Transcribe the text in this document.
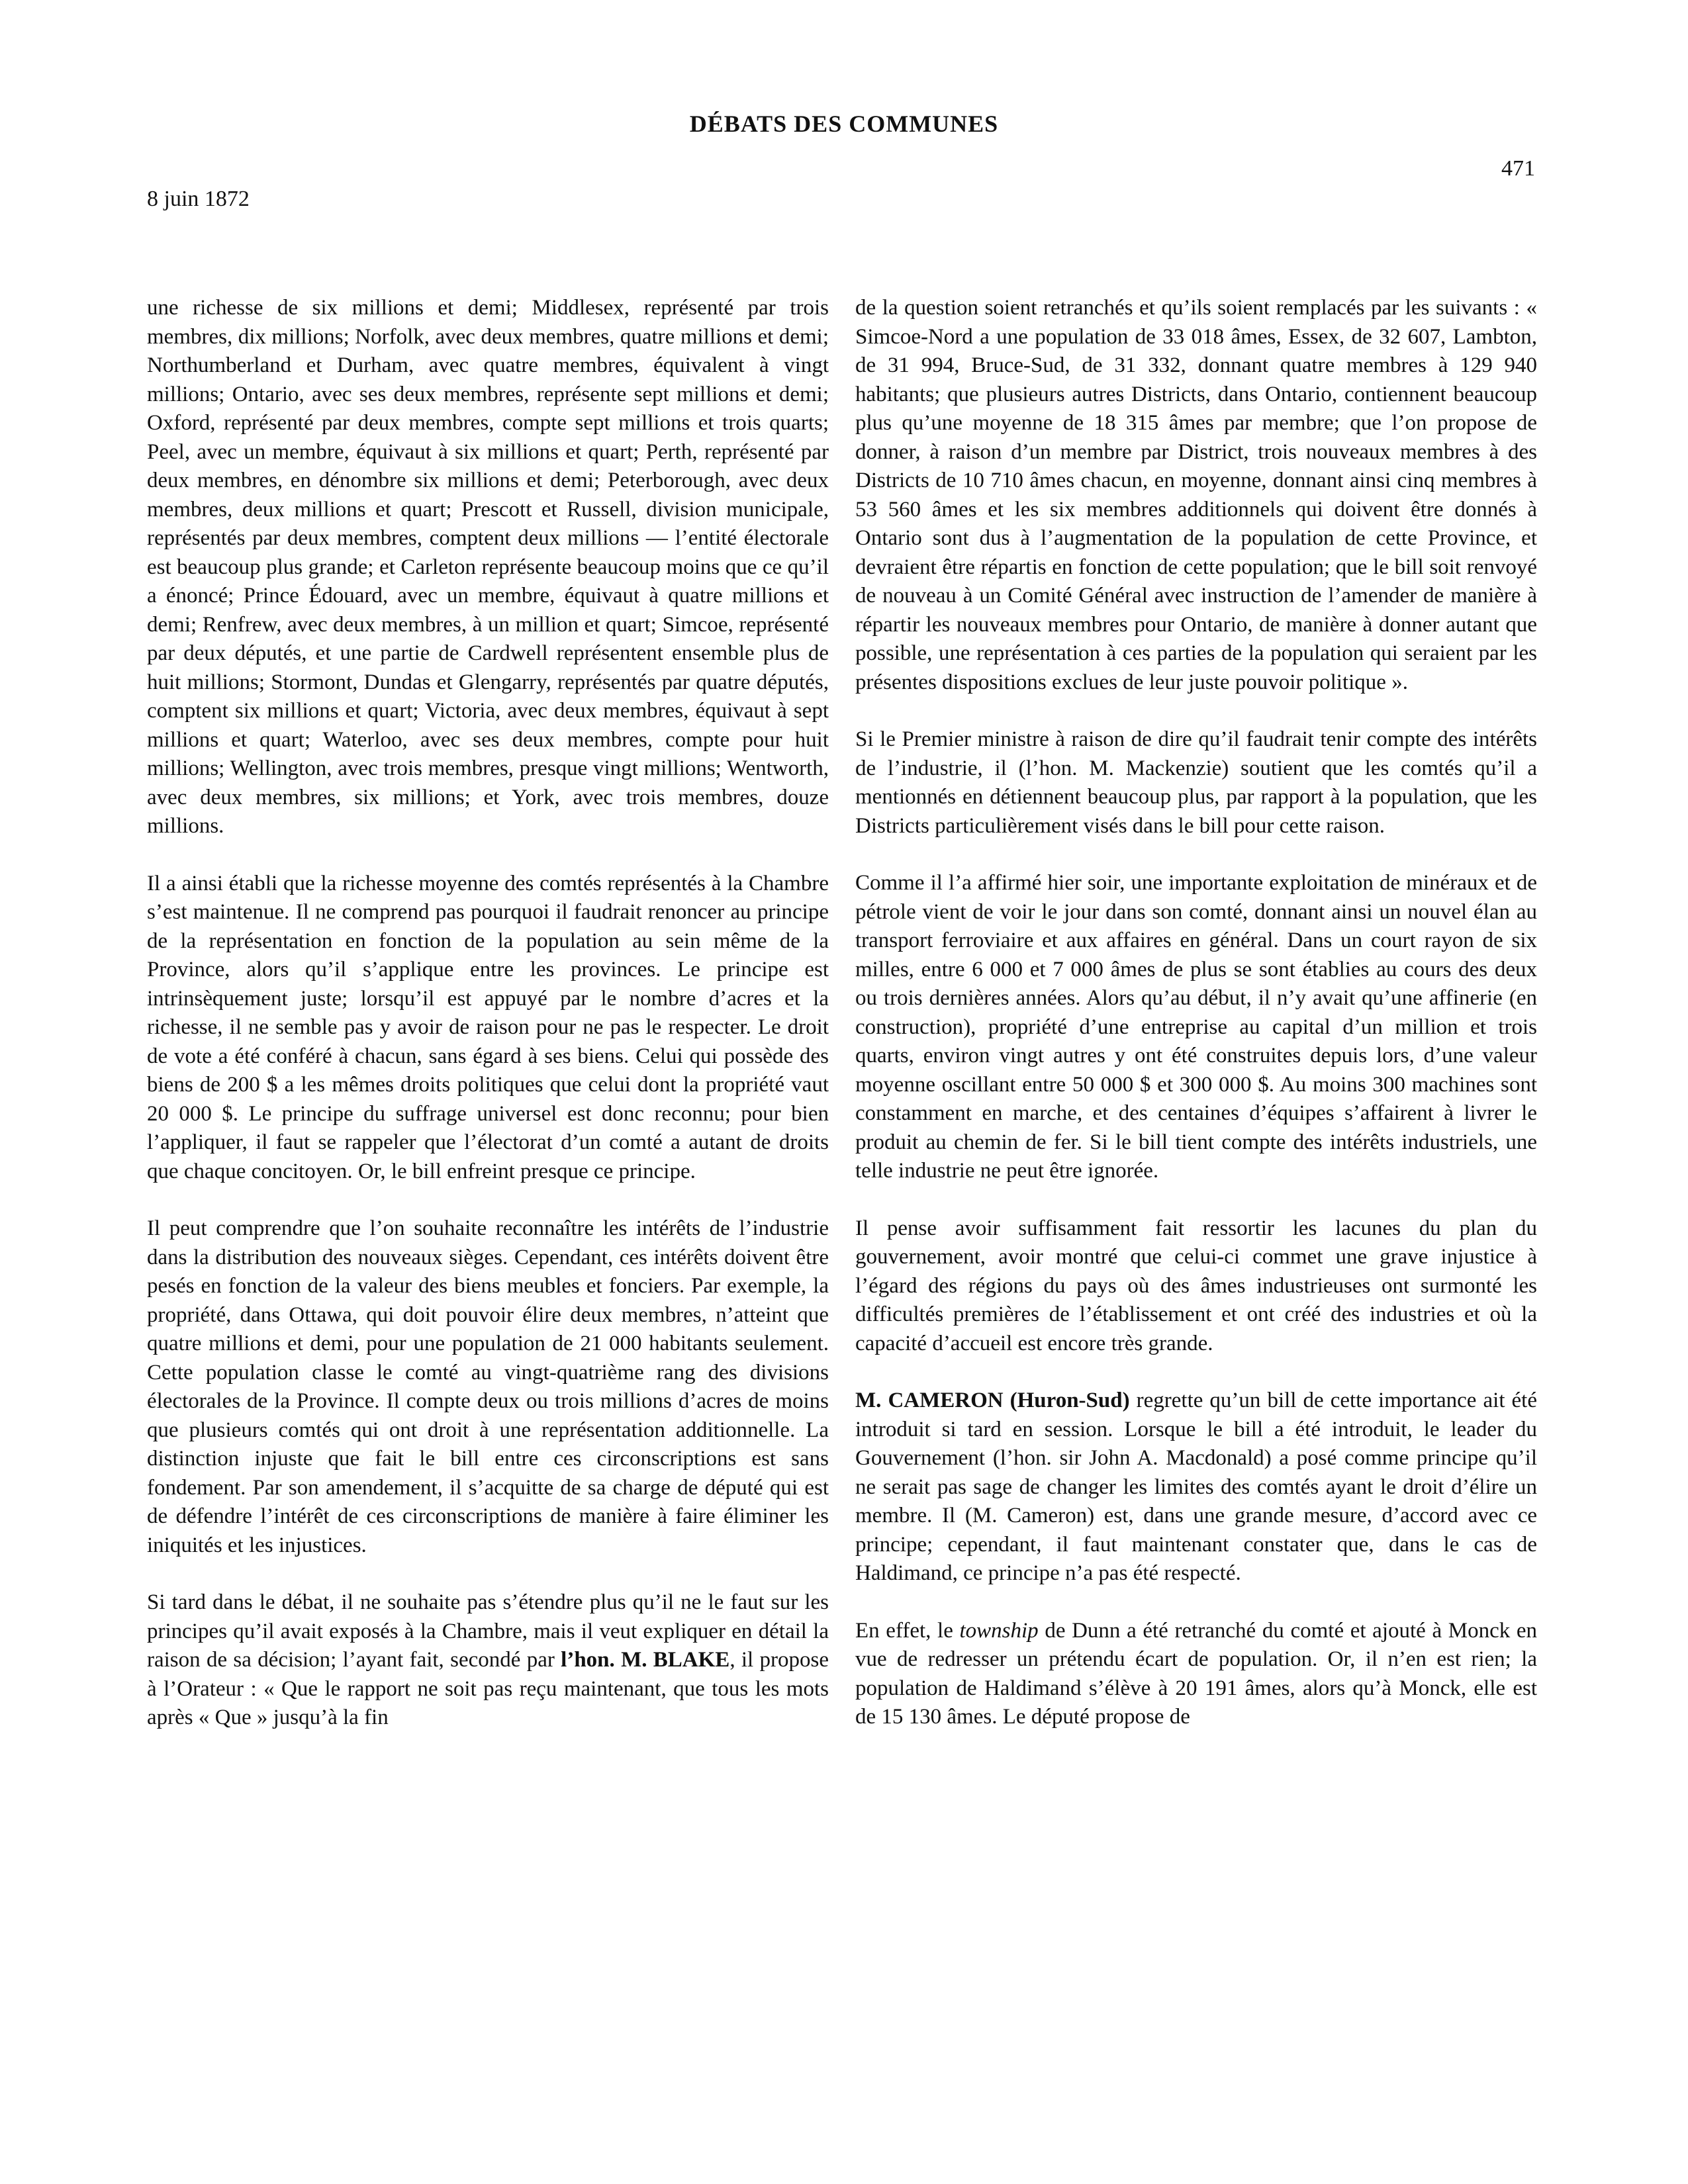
DÉBATS DES COMMUNES

471

8 juin 1872

une richesse de six millions et demi; Middlesex, représenté par trois membres, dix millions; Norfolk, avec deux membres, quatre millions et demi; Northumberland et Durham, avec quatre membres, équivalent à vingt millions; Ontario, avec ses deux membres, représente sept millions et demi; Oxford, représenté par deux membres, compte sept millions et trois quarts; Peel, avec un membre, équivaut à six millions et quart; Perth, représenté par deux membres, en dénombre six millions et demi; Peterborough, avec deux membres, deux millions et quart; Prescott et Russell, division municipale, représentés par deux membres, comptent deux millions — l’entité électorale est beaucoup plus grande; et Carleton représente beaucoup moins que ce qu’il a énoncé; Prince Édouard, avec un membre, équivaut à quatre millions et demi; Renfrew, avec deux membres, à un million et quart; Simcoe, représenté par deux députés, et une partie de Cardwell représentent ensemble plus de huit millions; Stormont, Dundas et Glengarry, représentés par quatre députés, comptent six millions et quart; Victoria, avec deux membres, équivaut à sept millions et quart; Waterloo, avec ses deux membres, compte pour huit millions; Wellington, avec trois membres, presque vingt millions; Wentworth, avec deux membres, six millions; et York, avec trois membres, douze millions.

Il a ainsi établi que la richesse moyenne des comtés représentés à la Chambre s’est maintenue. Il ne comprend pas pourquoi il faudrait renoncer au principe de la représentation en fonction de la population au sein même de la Province, alors qu’il s’applique entre les provinces. Le principe est intrinsèquement juste; lorsqu’il est appuyé par le nombre d’acres et la richesse, il ne semble pas y avoir de raison pour ne pas le respecter. Le droit de vote a été conféré à chacun, sans égard à ses biens. Celui qui possède des biens de 200 $ a les mêmes droits politiques que celui dont la propriété vaut 20 000 $. Le principe du suffrage universel est donc reconnu; pour bien l’appliquer, il faut se rappeler que l’électorat d’un comté a autant de droits que chaque concitoyen. Or, le bill enfreint presque ce principe.

Il peut comprendre que l’on souhaite reconnaître les intérêts de l’industrie dans la distribution des nouveaux sièges. Cependant, ces intérêts doivent être pesés en fonction de la valeur des biens meubles et fonciers. Par exemple, la propriété, dans Ottawa, qui doit pouvoir élire deux membres, n’atteint que quatre millions et demi, pour une population de 21 000 habitants seulement. Cette population classe le comté au vingt-quatrième rang des divisions électorales de la Province. Il compte deux ou trois millions d’acres de moins que plusieurs comtés qui ont droit à une représentation additionnelle. La distinction injuste que fait le bill entre ces circonscriptions est sans fondement. Par son amendement, il s’acquitte de sa charge de député qui est de défendre l’intérêt de ces circonscriptions de manière à faire éliminer les iniquités et les injustices.

Si tard dans le débat, il ne souhaite pas s’étendre plus qu’il ne le faut sur les principes qu’il avait exposés à la Chambre, mais il veut expliquer en détail la raison de sa décision; l’ayant fait, secondé par l’hon. M. BLAKE, il propose à l’Orateur : « Que le rapport ne soit pas reçu maintenant, que tous les mots après « Que » jusqu’à la fin

de la question soient retranchés et qu’ils soient remplacés par les suivants : « Simcoe-Nord a une population de 33 018 âmes, Essex, de 32 607, Lambton, de 31 994, Bruce-Sud, de 31 332, donnant quatre membres à 129 940 habitants; que plusieurs autres Districts, dans Ontario, contiennent beaucoup plus qu’une moyenne de 18 315 âmes par membre; que l’on propose de donner, à raison d’un membre par District, trois nouveaux membres à des Districts de 10 710 âmes chacun, en moyenne, donnant ainsi cinq membres à 53 560 âmes et les six membres additionnels qui doivent être donnés à Ontario sont dus à l’augmentation de la population de cette Province, et devraient être répartis en fonction de cette population; que le bill soit renvoyé de nouveau à un Comité Général avec instruction de l’amender de manière à répartir les nouveaux membres pour Ontario, de manière à donner autant que possible, une représentation à ces parties de la population qui seraient par les présentes dispositions exclues de leur juste pouvoir politique ».

Si le Premier ministre à raison de dire qu’il faudrait tenir compte des intérêts de l’industrie, il (l’hon. M. Mackenzie) soutient que les comtés qu’il a mentionnés en détiennent beaucoup plus, par rapport à la population, que les Districts particulièrement visés dans le bill pour cette raison.

Comme il l’a affirmé hier soir, une importante exploitation de minéraux et de pétrole vient de voir le jour dans son comté, donnant ainsi un nouvel élan au transport ferroviaire et aux affaires en général. Dans un court rayon de six milles, entre 6 000 et 7 000 âmes de plus se sont établies au cours des deux ou trois dernières années. Alors qu’au début, il n’y avait qu’une affinerie (en construction), propriété d’une entreprise au capital d’un million et trois quarts, environ vingt autres y ont été construites depuis lors, d’une valeur moyenne oscillant entre 50 000 $ et 300 000 $. Au moins 300 machines sont constamment en marche, et des centaines d’équipes s’affairent à livrer le produit au chemin de fer. Si le bill tient compte des intérêts industriels, une telle industrie ne peut être ignorée.

Il pense avoir suffisamment fait ressortir les lacunes du plan du gouvernement, avoir montré que celui-ci commet une grave injustice à l’égard des régions du pays où des âmes industrieuses ont surmonté les difficultés premières de l’établissement et ont créé des industries et où la capacité d’accueil est encore très grande.

M. CAMERON (Huron-Sud) regrette qu’un bill de cette importance ait été introduit si tard en session. Lorsque le bill a été introduit, le leader du Gouvernement (l’hon. sir John A. Macdonald) a posé comme principe qu’il ne serait pas sage de changer les limites des comtés ayant le droit d’élire un membre. Il (M. Cameron) est, dans une grande mesure, d’accord avec ce principe; cependant, il faut maintenant constater que, dans le cas de Haldimand, ce principe n’a pas été respecté.

En effet, le township de Dunn a été retranché du comté et ajouté à Monck en vue de redresser un prétendu écart de population. Or, il n’en est rien; la population de Haldimand s’élève à 20 191 âmes, alors qu’à Monck, elle est de 15 130 âmes. Le député propose de
